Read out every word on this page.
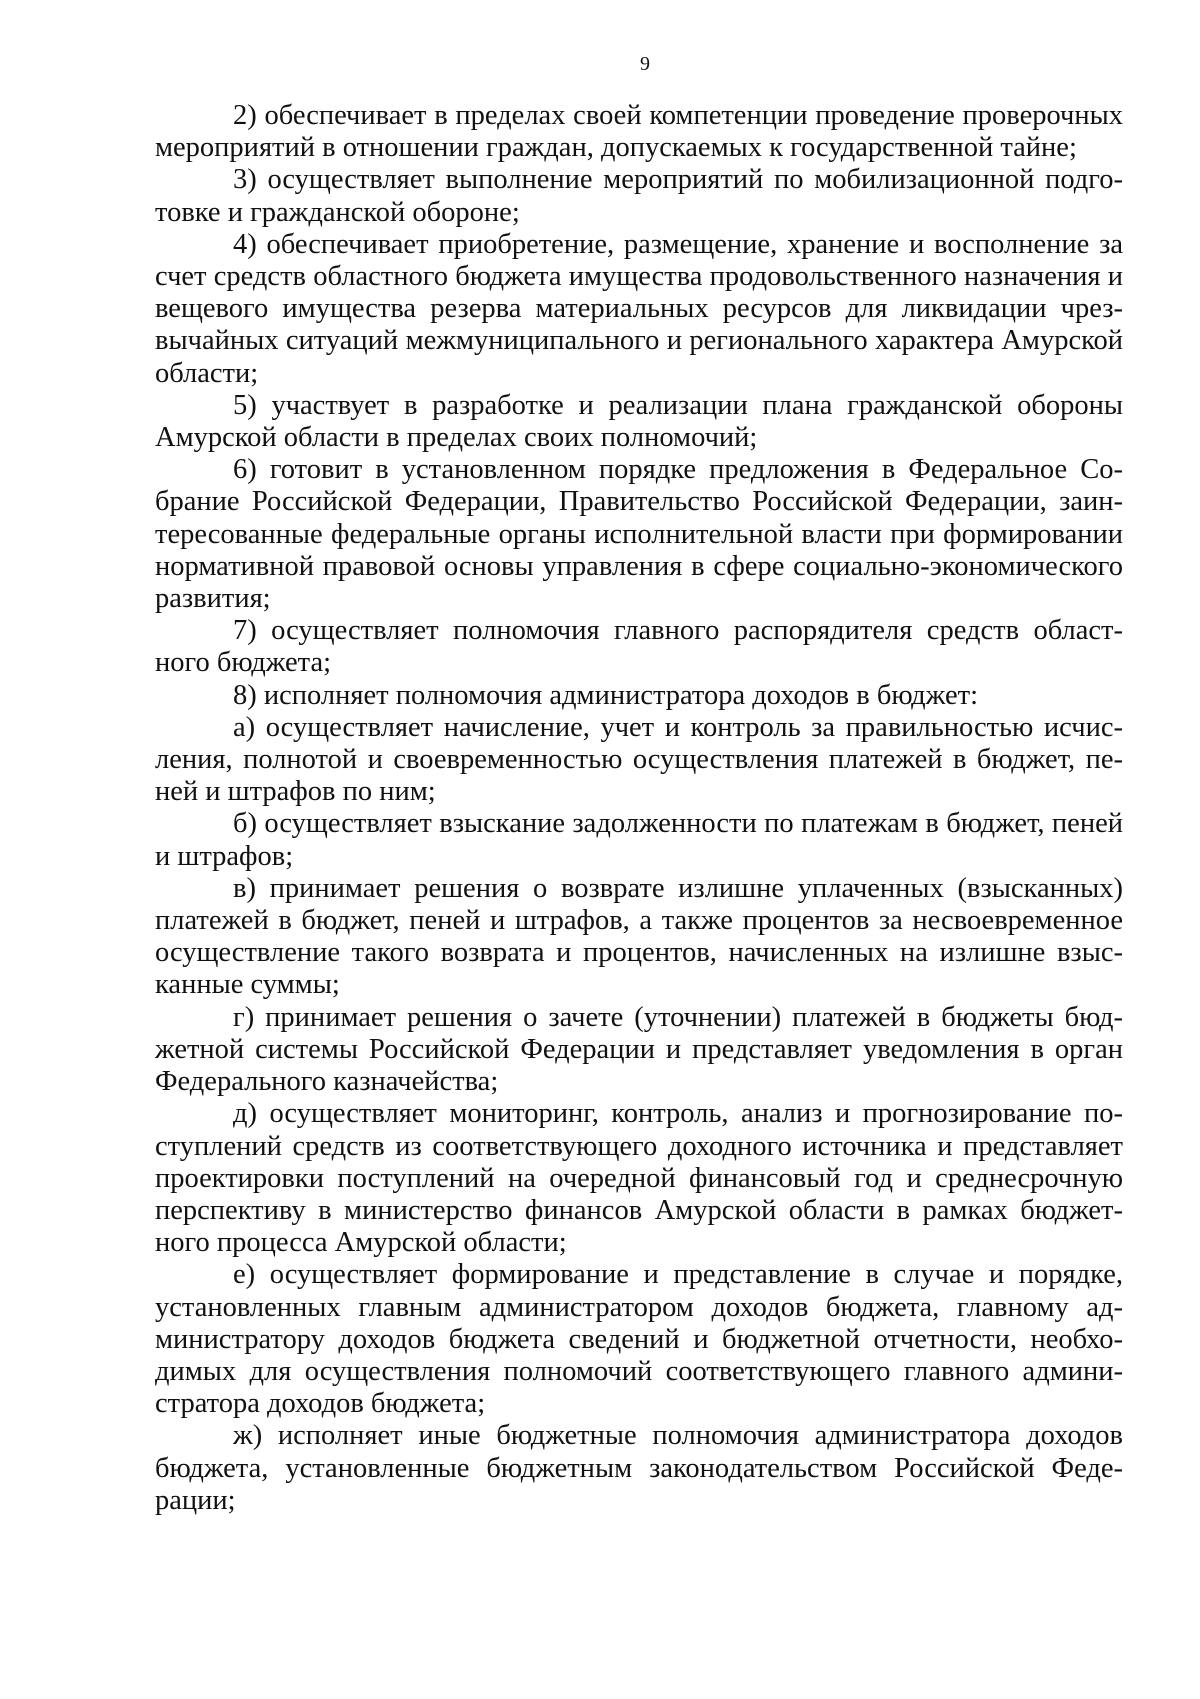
9

2) обеспечивает в пределах своей компетенции проведение проверочных мероприятий в отношении граждан, допускаемых к государственной тайне;

3) осуществляет выполнение мероприятий по мобилизационной подготовке и гражданской обороне;

4) обеспечивает приобретение, размещение, хранение и восполнение за счет средств областного бюджета имущества продовольственного назначения и вещевого имущества резерва материальных ресурсов для ликвидации чрезвычайных ситуаций межмуниципального и регионального характера Амурской области;

5) участвует в разработке и реализации плана гражданской обороны Амурской области в пределах своих полномочий;

6) готовит в установленном порядке предложения в Федеральное Собрание Российской Федерации, Правительство Российской Федерации, заинтересованные федеральные органы исполнительной власти при формировании нормативной правовой основы управления в сфере социально-экономического развития;

7) осуществляет полномочия главного распорядителя средств областного бюджета;

8) исполняет полномочия администратора доходов в бюджет:

а) осуществляет начисление, учет и контроль за правильностью исчисления, полнотой и своевременностью осуществления платежей в бюджет, пеней и штрафов по ним;

б) осуществляет взыскание задолженности по платежам в бюджет, пеней и штрафов;

в) принимает решения о возврате излишне уплаченных (взысканных) платежей в бюджет, пеней и штрафов, а также процентов за несвоевременное осуществление такого возврата и процентов, начисленных на излишне взысканные суммы;

г) принимает решения о зачете (уточнении) платежей в бюджеты бюджетной системы Российской Федерации и представляет уведомления в орган Федерального казначейства;

д) осуществляет мониторинг, контроль, анализ и прогнозирование поступлений средств из соответствующего доходного источника и представляет проектировки поступлений на очередной финансовый год и среднесрочную перспективу в министерство финансов Амурской области в рамках бюджетного процесса Амурской области;

е) осуществляет формирование и представление в случае и порядке, установленных главным администратором доходов бюджета, главному администратору доходов бюджета сведений и бюджетной отчетности, необходимых для осуществления полномочий соответствующего главного администратора доходов бюджета;

ж) исполняет иные бюджетные полномочия администратора доходов бюджета, установленные бюджетным законодательством Российской Федерации;
